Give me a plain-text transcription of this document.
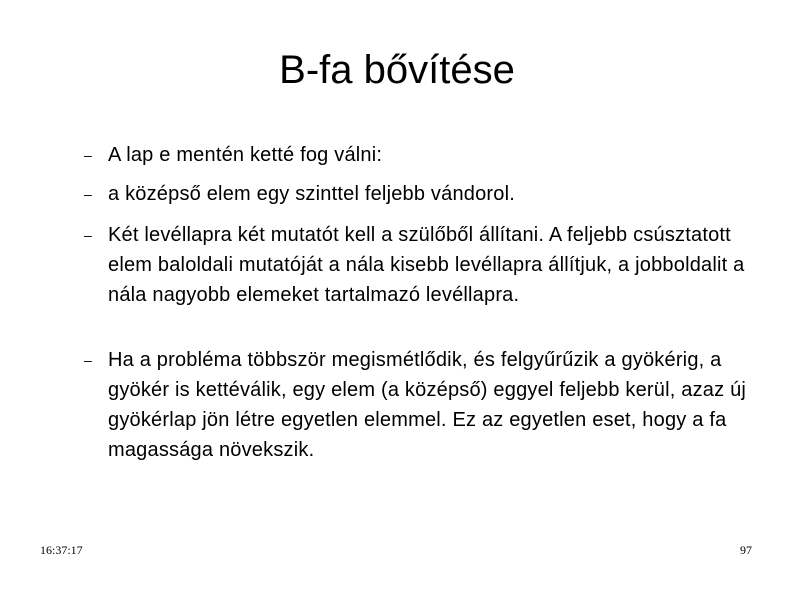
B-fa bővítése
– A lap e mentén ketté fog válni:
– a középső elem egy szinttel feljebb vándorol.
– Két levéllapra két mutatót kell a szülőből állítani. A feljebb csúsztatott elem baloldali mutatóját a nála kisebb levéllapra állítjuk, a jobboldalit a nála nagyobb elemeket tartalmazó levéllapra.
– Ha a probléma többször megismétlődik, és felgyűrűzik a gyökérig, a gyökér is kettéválik, egy elem (a középső) eggyel feljebb kerül, azaz új gyökérlap jön létre egyetlen elemmel. Ez az egyetlen eset, hogy a fa magassága növekszik.
16:37:17	97
